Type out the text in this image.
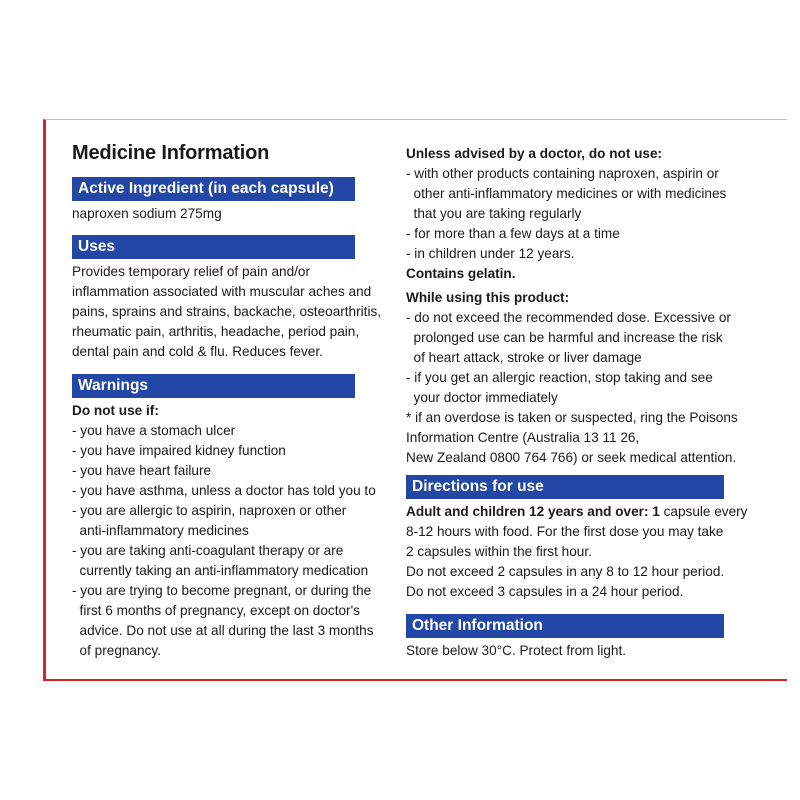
Medicine Information
Active Ingredient (in each capsule)
naproxen sodium 275mg
Uses
Provides temporary relief of pain and/or
inflammation associated with muscular aches and
pains, sprains and strains, backache, osteoarthritis,
rheumatic pain, arthritis, headache, period pain,
dental pain and cold & flu. Reduces fever.
Warnings
Do not use if:
- you have a stomach ulcer
- you have impaired kidney function
- you have heart failure
- you have asthma, unless a doctor has told you to
- you are allergic to aspirin, naproxen or other
anti-inflammatory medicines
- you are taking anti-coagulant therapy or are
currently taking an anti-inflammatory medication
- you are trying to become pregnant, or during the
first 6 months of pregnancy, except on doctor's
advice. Do not use at all during the last 3 months
of pregnancy.
Unless advised by a doctor, do not use:
- with other products containing naproxen, aspirin or
other anti-inflammatory medicines or with medicines
that you are taking regularly
- for more than a few days at a time
- in children under 12 years.
Contains gelatin.
While using this product:
- do not exceed the recommended dose. Excessive or
prolonged use can be harmful and increase the risk
of heart attack, stroke or liver damage
- if you get an allergic reaction, stop taking and see
your doctor immediately
* if an overdose is taken or suspected, ring the Poisons
Information Centre (Australia 13 11 26,
New Zealand 0800 764 766) or seek medical attention.
Directions for use
Adult and children 12 years and over: 1 capsule every
8-12 hours with food. For the first dose you may take
2 capsules within the first hour.
Do not exceed 2 capsules in any 8 to 12 hour period.
Do not exceed 3 capsules in a 24 hour period.
Other Information
Store below 30°C. Protect from light.
